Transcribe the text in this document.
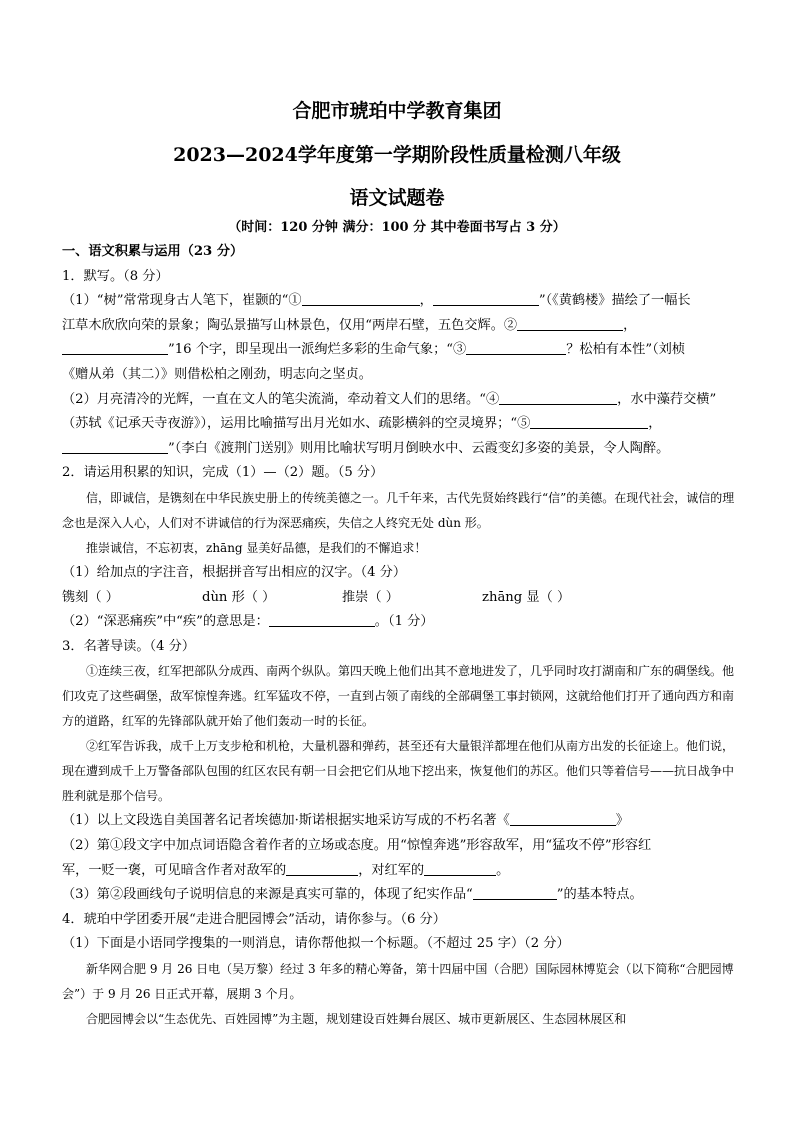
合肥市琥珀中学教育集团
2023—2024学年度第一学期阶段性质量检测八年级
语文试题卷
（时间：120 分钟 满分：100 分 其中卷面书写占 3 分）

一、语文积累与运用（23 分）

1．默写。（8 分）

（1）“树”常常现身古人笔下，崔颢的“①	，	”（《黄鹤楼》描绘了一幅长

江草木欣欣向荣的景象；陶弘景描写山林景色，仅用“两岸石壁，五色交辉。②	，

”16 个字，即呈现出一派绚烂多彩的生命气象；“③	？松柏有本性”（刘桢

《赠从弟（其二）》则借松柏之刚劲，明志向之坚贞。

（2）月亮清冷的光辉，一直在文人的笔尖流淌，牵动着文人们的思绪。“④	，水中藻荇交横”

（苏轼《记承天寺夜游》），运用比喻描写出月光如水、疏影横斜的空灵境界；“⑤	，

”（李白《渡荆门送别》则用比喻状写明月倒映水中、云霞变幻多姿的美景，令人陶醉。

2．请运用积累的知识，完成（1）—（2）题。（5 分）

信，即诚信，是镌刻在中华民族史册上的传统美德之一。几千年来，古代先贤始终践行“信”的美德。在现代社会，诚信的理念也是深入人心，人们对不讲诚信的行为深恶痛疾，失信之人终究无处 dùn 形。

推崇诚信，不忘初衷，zhāng 显美好品德，是我们的不懈追求！

（1）给加点的字注音，根据拼音写出相应的汉字。（4 分）

镌刻（ ）	dùn 形（ ）	推崇（ ）	zhāng 显（ ）

（2）“深恶痛疾”中“疾”的意思是：	。（1 分）

3．名著导读。（4 分）

①连续三夜，红军把部队分成西、南两个纵队。第四天晚上他们出其不意地进发了，几乎同时攻打湖南和广东的碉堡线。他们攻克了这些碉堡，敌军惊惶奔逃。红军猛攻不停，一直到占领了南线的全部碉堡工事封锁网，这就给他们打开了通向西方和南方的道路，红军的先锋部队就开始了他们轰动一时的长征。

②红军告诉我，成千上万支步枪和机枪，大量机器和弹药，甚至还有大量银洋都埋在他们从南方出发的长征途上。他们说，现在遭到成千上万警备部队包围的红区农民有朝一日会把它们从地下挖出来，恢复他们的苏区。他们只等着信号——抗日战争中胜利就是那个信号。

（1）以上文段选自美国著名记者埃德加·斯诺根据实地采访写成的不朽名著《	》

（2）第①段文字中加点词语隐含着作者的立场或态度。用“惊惶奔逃”形容敌军，用“猛攻不停”形容红

军，一贬一褒，可见暗含作者对敌军的	，对红军的	。

（3）第②段画线句子说明信息的来源是真实可靠的，体现了纪实作品“	”的基本特点。

4．琥珀中学团委开展“走进合肥园博会”活动，请你参与。（6 分）

（1）下面是小语同学搜集的一则消息，请你帮他拟一个标题。（不超过 25 字）（2 分）

新华网合肥 9 月 26 日电（吴万黎）经过 3 年多的精心筹备，第十四届中国（合肥）国际园林博览会（以下简称“合肥园博会”）于 9 月 26 日正式开幕，展期 3 个月。

合肥园博会以“生态优先、百姓园博”为主题，规划建设百姓舞台展区、城市更新展区、生态园林展区和
